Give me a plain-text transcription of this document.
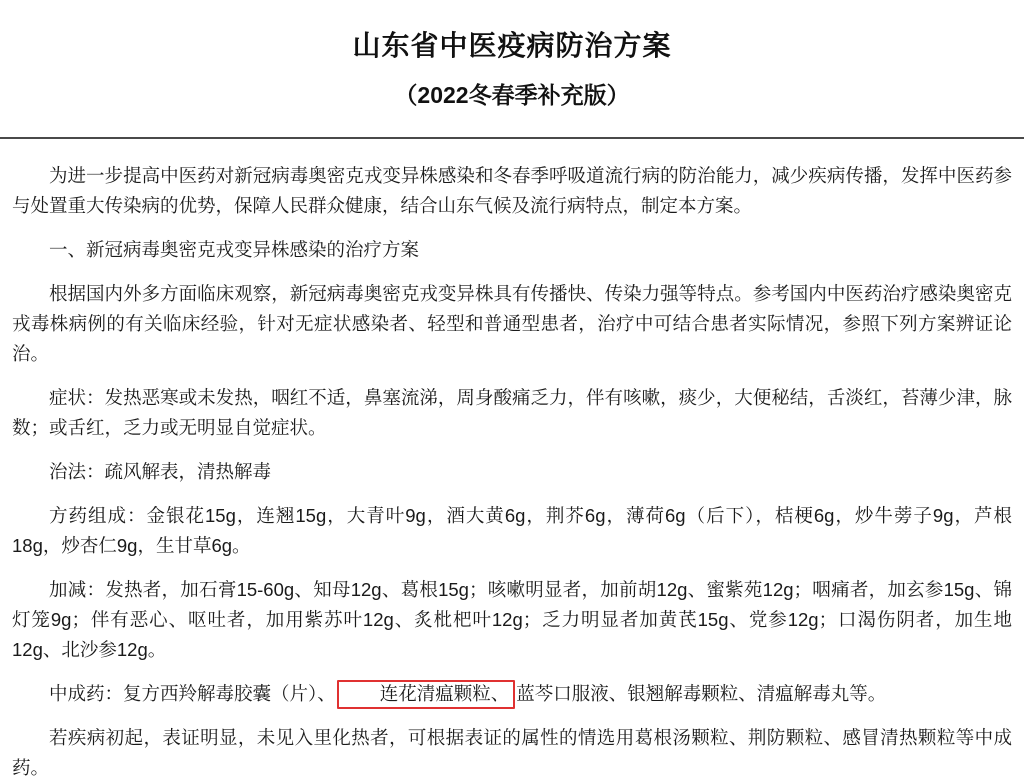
山东省中医疫病防治方案
（2022冬春季补充版）

为进一步提高中医药对新冠病毒奥密克戎变异株感染和冬春季呼吸道流行病的防治能力，减少疾病传播，发挥中医药参与处置重大传染病的优势，保障人民群众健康，结合山东气候及流行病特点，制定本方案。

一、新冠病毒奥密克戎变异株感染的治疗方案

根据国内外多方面临床观察，新冠病毒奥密克戎变异株具有传播快、传染力强等特点。参考国内中医药治疗感染奥密克戎毒株病例的有关临床经验，针对无症状感染者、轻型和普通型患者，治疗中可结合患者实际情况，参照下列方案辨证论治。

症状：发热恶寒或未发热，咽红不适，鼻塞流涕，周身酸痛乏力，伴有咳嗽，痰少，大便秘结，舌淡红，苔薄少津，脉数；或舌红，乏力或无明显自觉症状。

治法：疏风解表，清热解毒

方药组成：金银花15g，连翘15g，大青叶9g，酒大黄6g，荆芥6g，薄荷6g（后下），桔梗6g，炒牛蒡子9g，芦根18g，炒杏仁9g，生甘草6g。

加减：发热者，加石膏15-60g、知母12g、葛根15g；咳嗽明显者，加前胡12g、蜜紫苑12g；咽痛者，加玄参15g、锦灯笼9g；伴有恶心、呕吐者，加用紫苏叶12g、炙枇杷叶12g；乏力明显者加黄芪15g、党参12g；口渴伤阴者，加生地12g、北沙参12g。

中成药：复方西羚解毒胶囊（片）、 连花清瘟颗粒、 蓝芩口服液、银翘解毒颗粒、清瘟解毒丸等。

若疾病初起，表证明显，未见入里化热者，可根据表证的属性的情选用葛根汤颗粒、荆防颗粒、感冒清热颗粒等中成药。
